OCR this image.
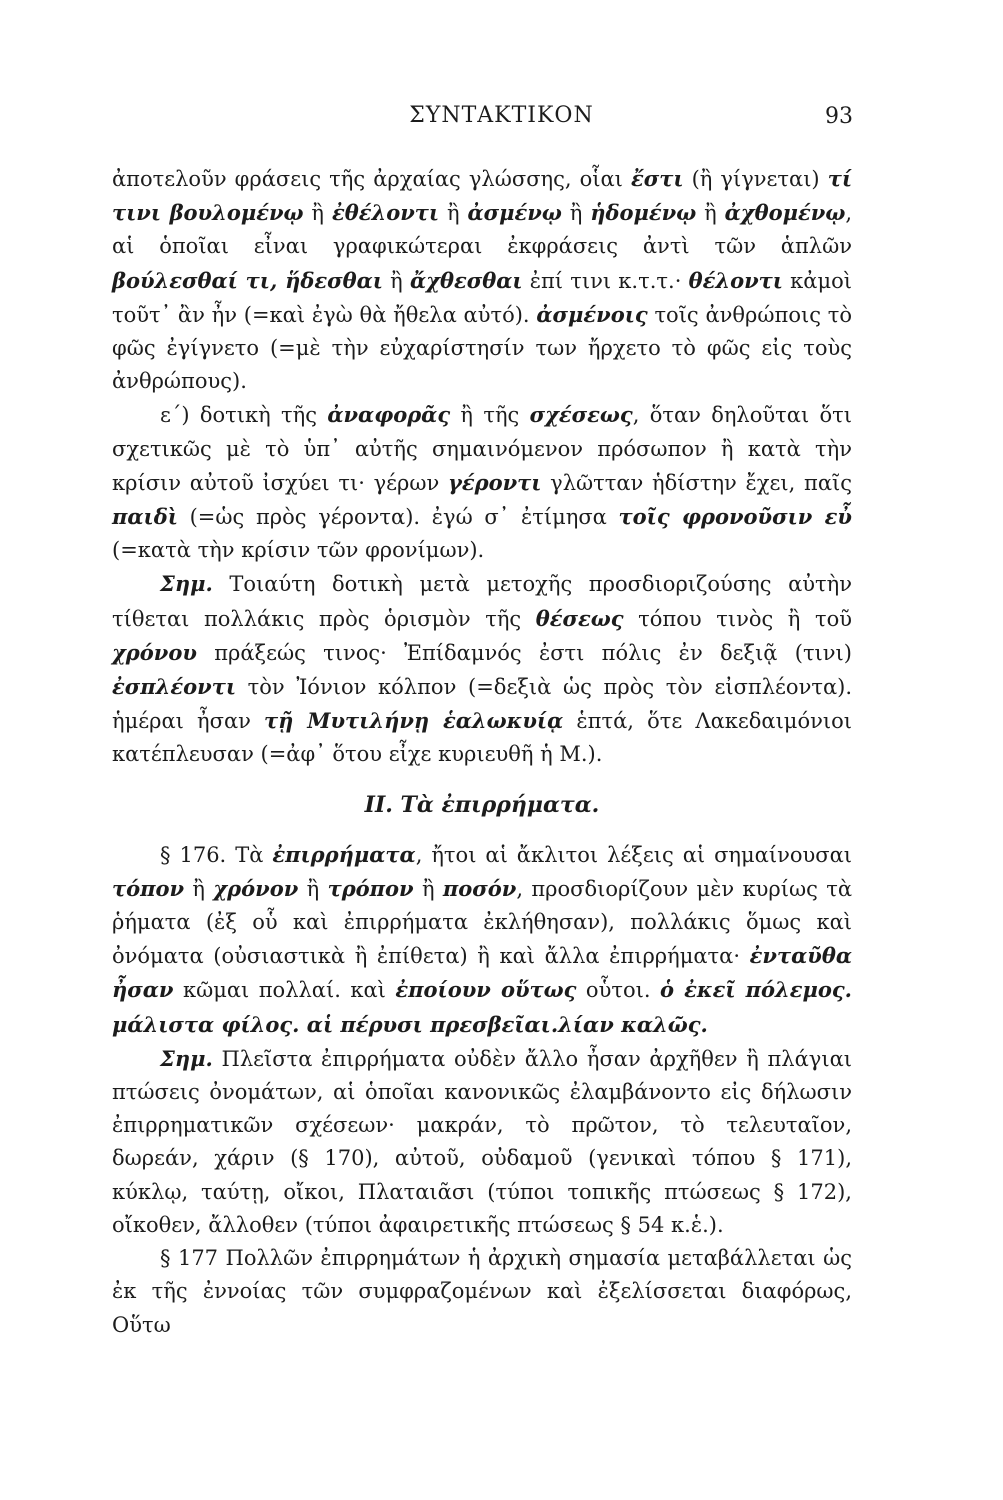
ΣΥΝΤΑΚΤΙΚΟΝ	93

ἀποτελοῦν φράσεις τῆς ἀρχαίας γλώσσης, οἷαι ἔστι (ἢ γίγνεται) τί τινι βουλομένῳ ἢ ἐθέλοντι ἢ ἀσμένῳ ἢ ἡδομένῳ ἢ ἀχθομένῳ, αἱ ὁποῖαι εἶναι γραφικώτεραι ἐκφράσεις ἀντὶ τῶν ἁπλῶν βούλεσθαί τι, ἥδεσθαι ἢ ἄχθεσθαι ἐπί τινι κ.τ.τ.· θέλοντι κἀμοὶ τοῦτ᾽ ἂν ἦν (=καὶ ἐγὼ θὰ ἤθελα αὐτό). ἀσμένοις τοῖς ἀνθρώποις τὸ φῶς ἐγίγνετο (=μὲ τὴν εὐχαρίστησίν των ἤρχετο τὸ φῶς εἰς τοὺς ἀνθρώπους).

ε΄) δοτικὴ τῆς ἀναφορᾶς ἢ τῆς σχέσεως, ὅταν δηλοῦται ὅτι σχετικῶς μὲ τὸ ὑπ᾽ αὐτῆς σημαινόμενον πρόσωπον ἢ κατὰ τὴν κρίσιν αὐτοῦ ἰσχύει τι· γέρων γέροντι γλῶτταν ἡδίστην ἔχει, παῖς παιδὶ (=ὡς πρὸς γέροντα). ἐγώ σ᾽ ἐτίμησα τοῖς φρονοῦσιν εὖ (=κατὰ τὴν κρίσιν τῶν φρονίμων).

Σημ. Τοιαύτη δοτικὴ μετὰ μετοχῆς προσδιοριζούσης αὐτὴν τίθεται πολλάκις πρὸς ὁρισμὸν τῆς θέσεως τόπου τινὸς ἢ τοῦ χρόνου πράξεώς τινος· Ἐπίδαμνός ἐστι πόλις ἐν δεξιᾷ (τινι) ἐσπλέοντι τὸν Ἰόνιον κόλπον (=δεξιὰ ὡς πρὸς τὸν εἰσπλέοντα). ἡμέραι ἦσαν τῇ Μυτιλήνῃ ἑαλωκυίᾳ ἑπτά, ὅτε Λακεδαιμόνιοι κατέπλευσαν (=ἀφ᾽ ὅτου εἶχε κυριευθῆ ἡ Μ.).

II. Τὰ ἐπιρρήματα.

§ 176. Τὰ ἐπιρρήματα, ἤτοι αἱ ἄκλιτοι λέξεις αἱ σημαίνουσαι τόπον ἢ χρόνον ἢ τρόπον ἢ ποσόν, προσδιορίζουν μὲν κυρίως τὰ ῥήματα (ἐξ οὗ καὶ ἐπιρρήματα ἐκλήθησαν), πολλάκις ὅμως καὶ ὀνόματα (οὐσιαστικὰ ἢ ἐπίθετα) ἢ καὶ ἄλλα ἐπιρρήματα· ἐνταῦθα ἦσαν κῶμαι πολλαί. καὶ ἐποίουν οὕτως οὗτοι. ὁ ἐκεῖ πόλεμος. μάλιστα φίλος. αἱ πέρυσι πρεσβεῖαι.λίαν καλῶς.

Σημ. Πλεῖστα ἐπιρρήματα οὐδὲν ἄλλο ἦσαν ἀρχῆθεν ἢ πλάγιαι πτώσεις ὀνομάτων, αἱ ὁποῖαι κανονικῶς ἐλαμβάνοντο εἰς δήλωσιν ἐπιρρηματικῶν σχέσεων· μακράν, τὸ πρῶτον, τὸ τελευταῖον, δωρεάν, χάριν (§ 170), αὐτοῦ, οὐδαμοῦ (γενικαὶ τόπου § 171), κύκλῳ, ταύτῃ, οἴκοι, Πλαταιᾶσι (τύποι τοπικῆς πτώσεως § 172), οἴκοθεν, ἄλλοθεν (τύποι ἀφαιρετικῆς πτώσεως § 54 κ.ἑ.).

§ 177 Πολλῶν ἐπιρρημάτων ἡ ἀρχικὴ σημασία μεταβάλλεται ὡς ἐκ τῆς ἐννοίας τῶν συμφραζομένων καὶ ἐξελίσσεται διαφόρως, Οὕτω
